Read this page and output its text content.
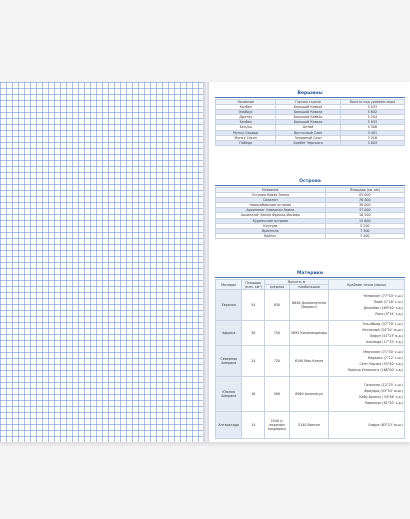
Вершины
Название	Горная страна	Высота над уровнем моря
Казбек	Большой Кавказ	5 033
Эльбрус	Большой Кавказ	5 642
Дыхтау	Большой Кавказ	5 204
Казбек	Большой Кавказ	5 033
Белуха	Алтай	4 506
Мунку-Сардык	Восточный Саян	3 491
Мунку-Сасан	Западный Саян	3 216
Победа	Хребет Черского	3 003
Острова
Название	Площадь (кв. км)
Острова Новая Земля	83 000
Сахалин	76 400
Новосибирские острова	38 000
Архипелаг Северная Земля	37 000
Архипелаг Земля Франца-Иосифа	16 100
Курильские острова	15 600
Колгуев	5 200
Врангеля	7 300
Вайгач	3 400
Материки
Материк	Площадь (млн. км²)	Высота, м		Крайние точки (мысы)
		средняя	наибольшая	
Евразия	54	830	8848 Джомолунгма (Эверест)	Челюскин (77°43' с.ш.)
Пиай (1°16' с.ш.)
Дежнёва (169°40' з.д.)
Рока (9°34' з.д.)

Африка	30	750	5895 Килиманджаро	Эль-Абьяд (37°20' с.ш.)
Игольный (34°52' ю.ш.)
Хафун (51°23' в.д.)
Альмади (17°33' з.д.)

Северная Америка	24	720	6190 Мак-Кинли	Мерчисон (71°50' с.ш.)
Марьято (7°12' с.ш.)
Сент-Чарльз (55°40' з.д.)
Принца Уэльского (168°00' з.д.)

Южная Америка	18	580	6960 Аконкагуа	Гальинас (12°25' с.ш.)
Фроуард (53°54' ю.ш.)
Кабу-Бранку (34°46' з.д.)
Париньяс (81°20' з.д.)

Антарктида	14	2040 (с ледяным покровом)	5140 Винсон	Сифре (63°13' ю.ш.)
